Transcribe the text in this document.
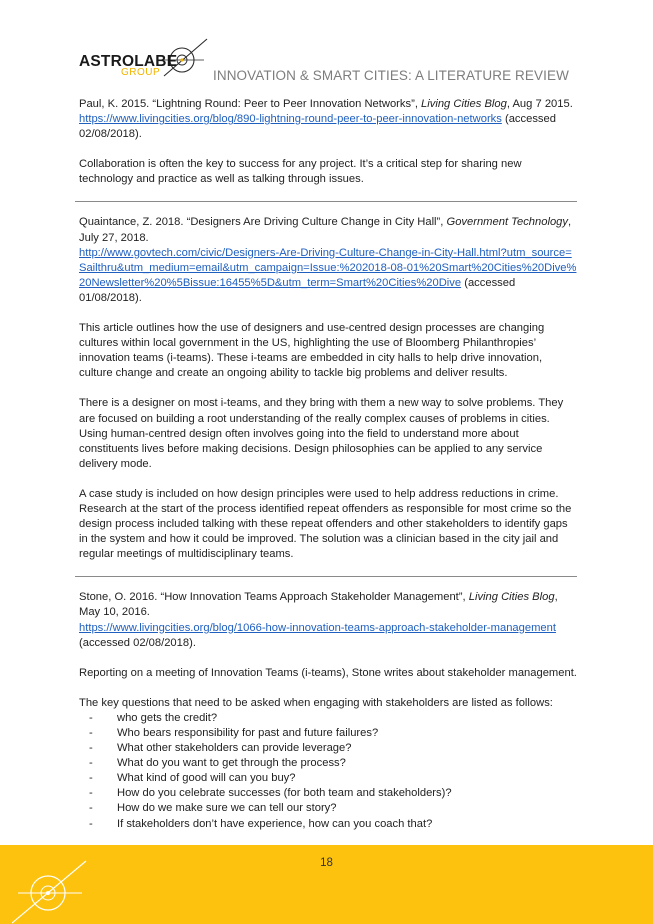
ASTROLABE
GROUP	INNOVATION & SMART CITIES: A LITERATURE REVIEW

Paul, K. 2015. “Lightning Round: Peer to Peer Innovation Networks”, Living Cities Blog, Aug 7 2015.
https://www.livingcities.org/blog/890-lightning-round-peer-to-peer-innovation-networks (accessed 02/08/2018).

Collaboration is often the key to success for any project. It’s a critical step for sharing new technology and practice as well as talking through issues.

Quaintance, Z. 2018. “Designers Are Driving Culture Change in City Hall”, Government Technology, July 27, 2018.
http://www.govtech.com/civic/Designers-Are-Driving-Culture-Change-in-City-Hall.html?utm_source=Sailthru&utm_medium=email&utm_campaign=Issue:%202018-08-01%20Smart%20Cities%20Dive%20Newsletter%20%5Bissue:16455%5D&utm_term=Smart%20Cities%20Dive (accessed 01/08/2018).

This article outlines how the use of designers and use-centred design processes are changing cultures within local government in the US, highlighting the use of Bloomberg Philanthropies’ innovation teams (i-teams). These i-teams are embedded in city halls to help drive innovation, culture change and create an ongoing ability to tackle big problems and deliver results.

There is a designer on most i-teams, and they bring with them a new way to solve problems. They are focused on building a root understanding of the really complex causes of problems in cities. Using human-centred design often involves going into the field to understand more about constituents lives before making decisions. Design philosophies can be applied to any service delivery mode.

A case study is included on how design principles were used to help address reductions in crime. Research at the start of the process identified repeat offenders as responsible for most crime so the design process included talking with these repeat offenders and other stakeholders to identify gaps in the system and how it could be improved. The solution was a clinician based in the city jail and regular meetings of multidisciplinary teams.

Stone, O. 2016. “How Innovation Teams Approach Stakeholder Management”, Living Cities Blog, May 10, 2016.
https://www.livingcities.org/blog/1066-how-innovation-teams-approach-stakeholder-management
(accessed 02/08/2018).

Reporting on a meeting of Innovation Teams (i-teams), Stone writes about stakeholder management.

The key questions that need to be asked when engaging with stakeholders are listed as follows:

- who gets the credit?
- Who bears responsibility for past and future failures?
- What other stakeholders can provide leverage?
- What do you want to get through the process?
- What kind of good will can you buy?
- How do you celebrate successes (for both team and stakeholders)?
- How do we make sure we can tell our story?
- If stakeholders don’t have experience, how can you coach that?
18
